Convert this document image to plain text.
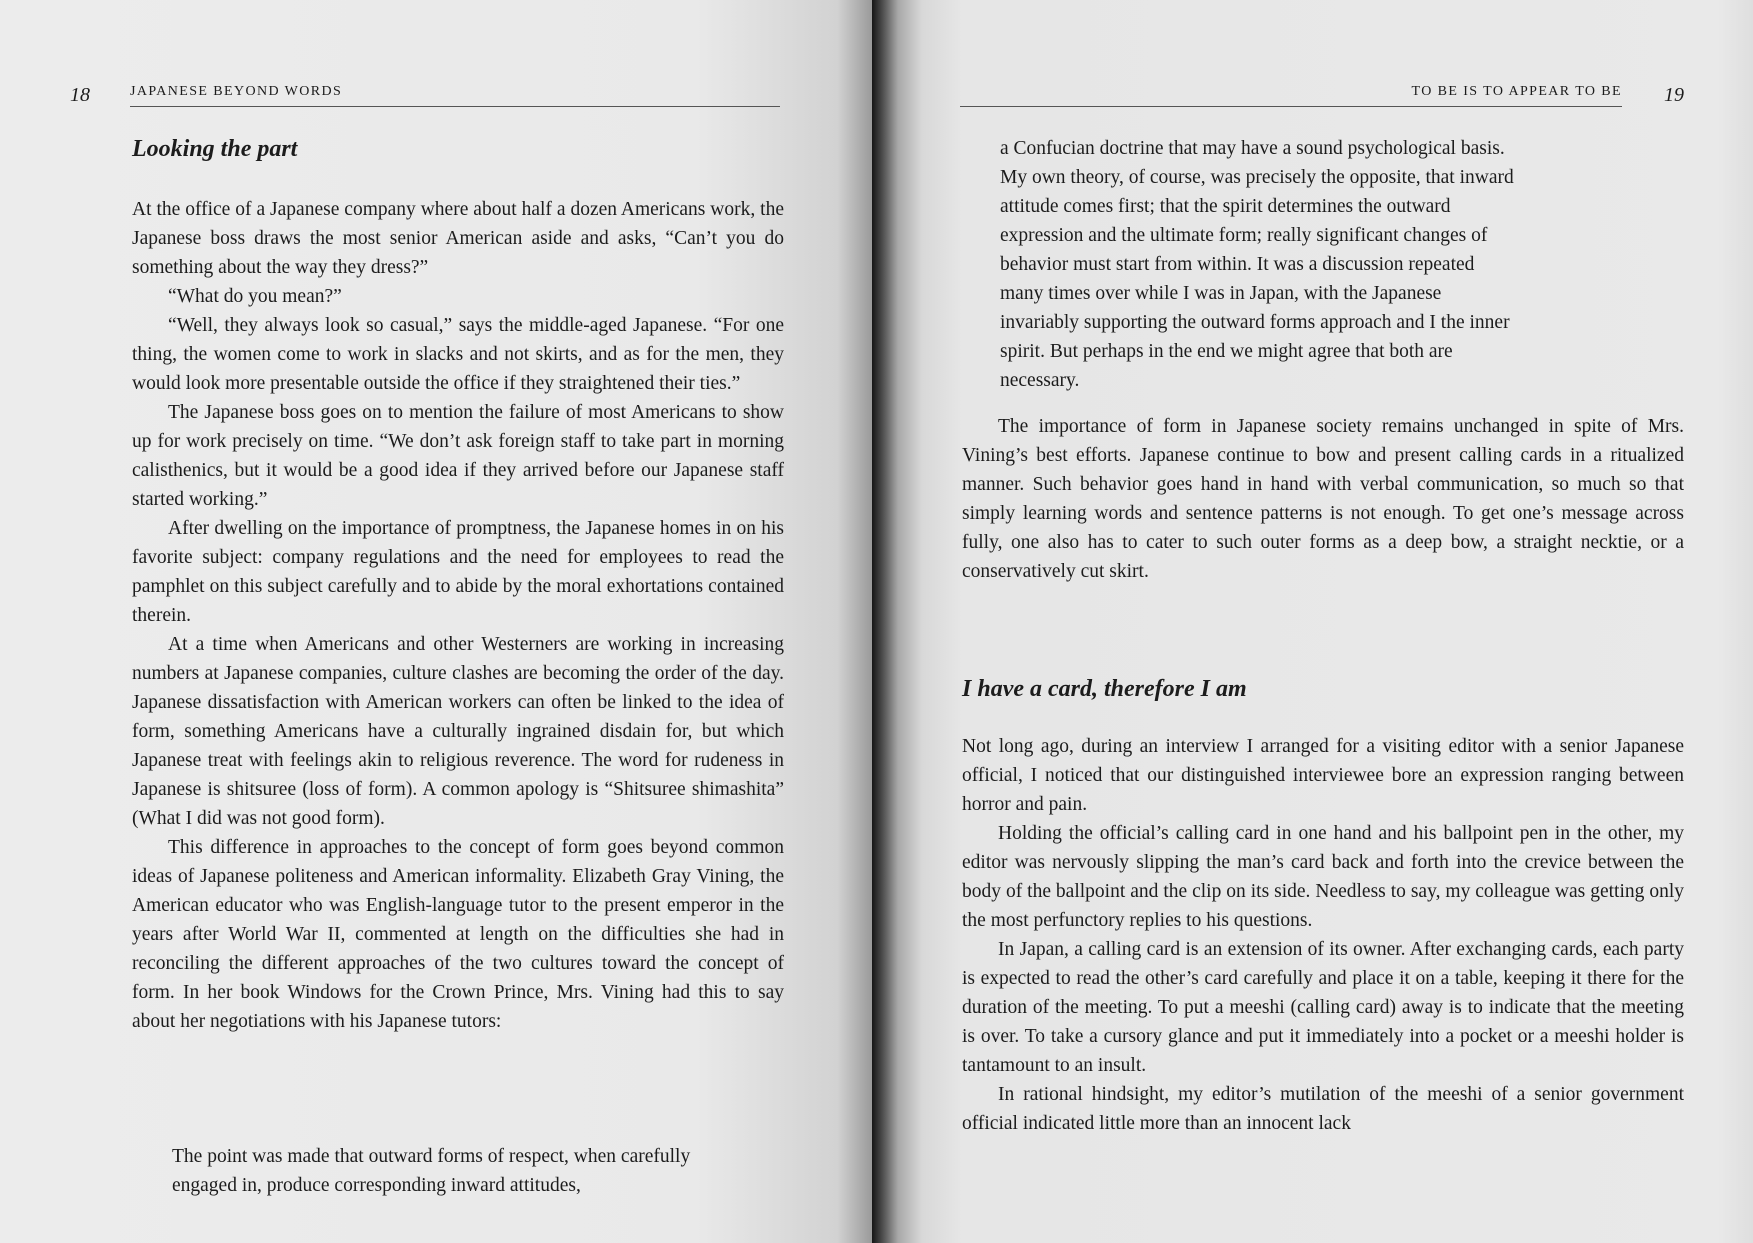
18	JAPANESE BEYOND WORDS
Looking the part

At the office of a Japanese company where about half a dozen Americans work, the Japanese boss draws the most senior American aside and asks, “Can’t you do something about the way they dress?”

“What do you mean?”

“Well, they always look so casual,” says the middle-aged Japanese. “For one thing, the women come to work in slacks and not skirts, and as for the men, they would look more presentable outside the office if they straightened their ties.”

The Japanese boss goes on to mention the failure of most Americans to show up for work precisely on time. “We don’t ask foreign staff to take part in morning calisthenics, but it would be a good idea if they arrived before our Japanese staff started working.”

After dwelling on the importance of promptness, the Japanese homes in on his favorite subject: company regulations and the need for employees to read the pamphlet on this subject carefully and to abide by the moral exhortations contained therein.

At a time when Americans and other Westerners are working in increasing numbers at Japanese companies, culture clashes are becoming the order of the day. Japanese dissatisfaction with American workers can often be linked to the idea of form, something Americans have a culturally ingrained disdain for, but which Japanese treat with feelings akin to religious reverence. The word for rudeness in Japanese is shitsuree (loss of form). A common apology is “Shitsuree shimashita” (What I did was not good form).

This difference in approaches to the concept of form goes beyond common ideas of Japanese politeness and American informality. Elizabeth Gray Vining, the American educator who was English-language tutor to the present emperor in the years after World War II, commented at length on the difficulties she had in reconciling the different approaches of the two cultures toward the concept of form. In her book Windows for the Crown Prince, Mrs. Vining had this to say about her negotiations with his Japanese tutors:

The point was made that outward forms of respect, when carefully engaged in, produce corresponding inward attitudes,
TO BE IS TO APPEAR TO BE 19
a Confucian doctrine that may have a sound psychological basis. My own theory, of course, was precisely the opposite, that inward attitude comes first; that the spirit determines the outward expression and the ultimate form; really significant changes of behavior must start from within. It was a discussion repeated many times over while I was in Japan, with the Japanese invariably supporting the outward forms approach and I the inner spirit. But perhaps in the end we might agree that both are necessary.

The importance of form in Japanese society remains unchanged in spite of Mrs. Vining’s best efforts. Japanese continue to bow and present calling cards in a ritualized manner. Such behavior goes hand in hand with verbal communication, so much so that simply learning words and sentence patterns is not enough. To get one’s message across fully, one also has to cater to such outer forms as a deep bow, a straight necktie, or a conservatively cut skirt.

I have a card, therefore I am

Not long ago, during an interview I arranged for a visiting editor with a senior Japanese official, I noticed that our distinguished interviewee bore an expression ranging between horror and pain.

Holding the official’s calling card in one hand and his ballpoint pen in the other, my editor was nervously slipping the man’s card back and forth into the crevice between the body of the ballpoint and the clip on its side. Needless to say, my colleague was getting only the most perfunctory replies to his questions.

In Japan, a calling card is an extension of its owner. After exchanging cards, each party is expected to read the other’s card carefully and place it on a table, keeping it there for the duration of the meeting. To put a meeshi (calling card) away is to indicate that the meeting is over. To take a cursory glance and put it immediately into a pocket or a meeshi holder is tantamount to an insult.

In rational hindsight, my editor’s mutilation of the meeshi of a senior government official indicated little more than an innocent lack
